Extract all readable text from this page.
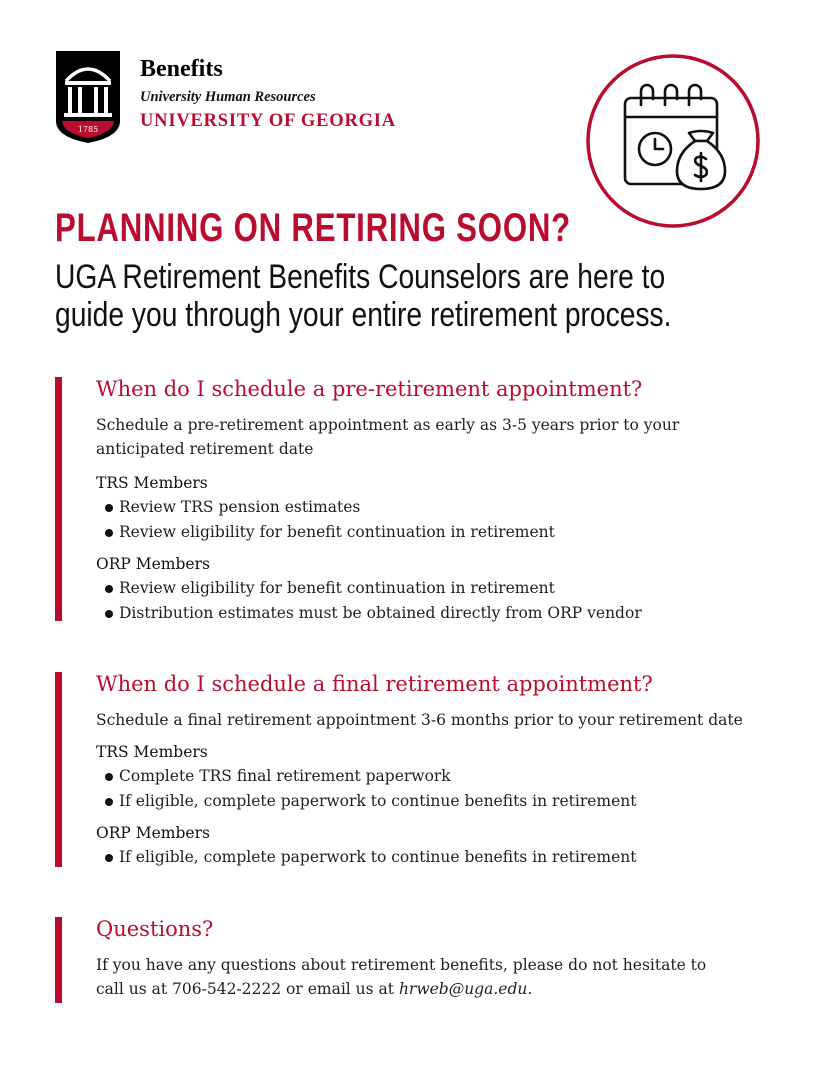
1785
Benefits
University Human Resources
UNIVERSITY OF GEORGIA
PLANNING ON RETIRING SOON?
UGA Retirement Benefits Counselors are here to
guide you through your entire retirement process.
When do I schedule a pre-retirement appointment?
Schedule a pre-retirement appointment as early as 3-5 years prior to your anticipated retirement date
TRS Members
Review TRS pension estimates
Review eligibility for benefit continuation in retirement
ORP Members
Review eligibility for benefit continuation in retirement
Distribution estimates must be obtained directly from ORP vendor
When do I schedule a final retirement appointment?
Schedule a final retirement appointment 3-6 months prior to your retirement date
TRS Members
Complete TRS final retirement paperwork
If eligible, complete paperwork to continue benefits in retirement
ORP Members
If eligible, complete paperwork to continue benefits in retirement
Questions?
If you have any questions about retirement benefits, please do not hesitate to call us at 706-542-2222 or email us at hrweb@uga.edu.
